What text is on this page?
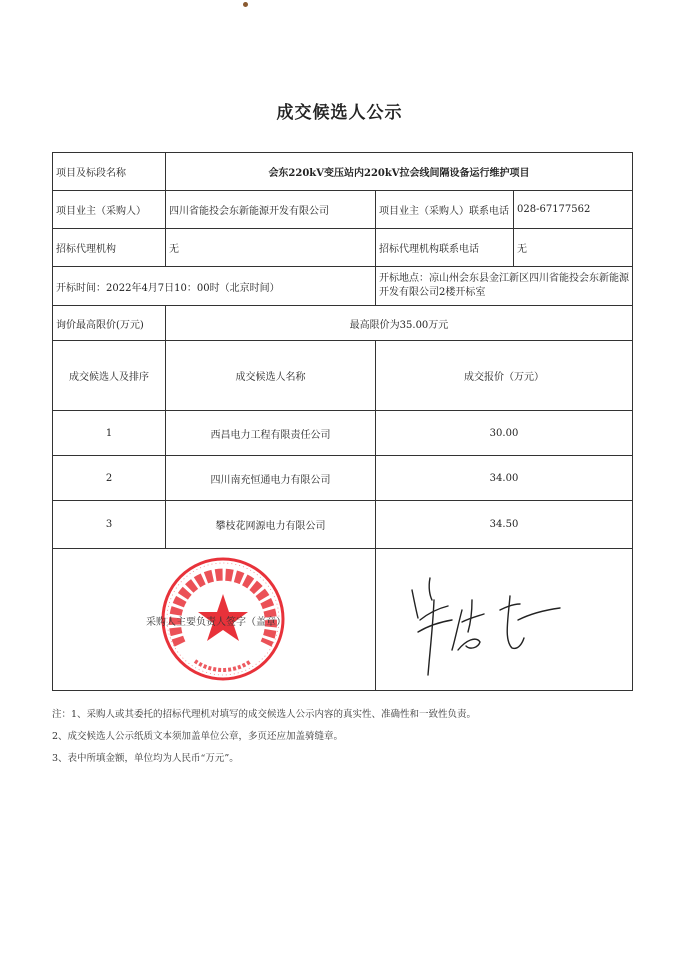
成交候选人公示
项目及标段名称	会东220kV变压站内220kV拉会线间隔设备运行维护项目		
项目业主（采购人）	四川省能投会东新能源开发有限公司	项目业主（采购人）联系电话	028-67177562
招标代理机构	无	招标代理机构联系电话	无
开标时间：2022年4月7日10：00时（北京时间）		开标地点：凉山州会东县金江新区四川省能投会东新能源开发有限公司2楼开标室	
询价最高限价(万元)	最高限价为35.00万元		
成交候选人及排序	成交候选人名称	成交报价（万元）	
1	西昌电力工程有限责任公司	30.00	
2	四川南充恒通电力有限公司	34.00	
3	攀枝花网源电力有限公司	34.50	

采购人主要负责人签字（盖章）
注：1、采购人或其委托的招标代理机对填写的成交候选人公示内容的真实性、准确性和一致性负责。
2、成交候选人公示纸质文本须加盖单位公章，多页还应加盖骑缝章。
3、表中所填金额，单位均为人民币“万元”。
